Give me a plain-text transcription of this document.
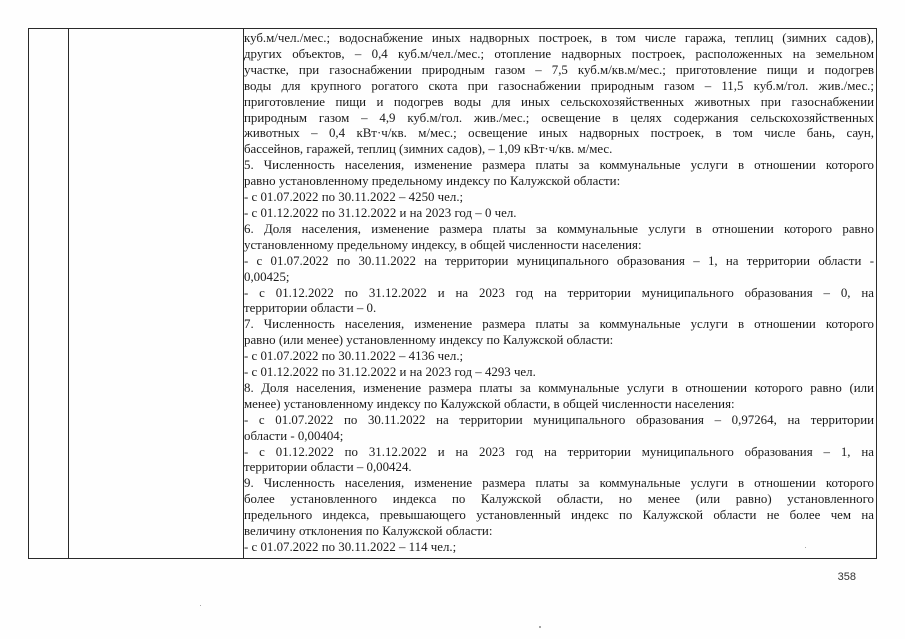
куб.м/чел./мес.; водоснабжение иных надворных построек, в том числе гаража, теплиц (зимних садов),
других объектов, – 0,4 куб.м/чел./мес.; отопление надворных построек, расположенных на земельном
участке, при газоснабжении природным газом – 7,5 куб.м/кв.м/мес.; приготовление пищи и подогрев
воды для крупного рогатого скота при газоснабжении природным газом – 11,5 куб.м/гол. жив./мес.;
приготовление пищи и подогрев воды для иных сельскохозяйственных животных при газоснабжении
природным газом – 4,9 куб.м/гол. жив./мес.; освещение в целях содержания сельскохозяйственных
животных – 0,4 кВт·ч/кв. м/мес.; освещение иных надворных построек, в том числе бань, саун,
бассейнов, гаражей, теплиц (зимних садов), – 1,09 кВт·ч/кв. м/мес.
5. Численность населения, изменение размера платы за коммунальные услуги в отношении которого
равно установленному предельному индексу по Калужской области:
- с 01.07.2022 по 30.11.2022 – 4250 чел.;
- с 01.12.2022 по 31.12.2022 и на 2023 год – 0 чел.
6. Доля населения, изменение размера платы за коммунальные услуги в отношении которого равно
установленному предельному индексу, в общей численности населения:
- с 01.07.2022 по 30.11.2022 на территории муниципального образования – 1, на территории области -
0,00425;
- с 01.12.2022 по 31.12.2022 и на 2023 год на территории муниципального образования – 0, на
территории области – 0.
7. Численность населения, изменение размера платы за коммунальные услуги в отношении которого
равно (или менее) установленному индексу по Калужской области:
- с 01.07.2022 по 30.11.2022 – 4136 чел.;
- с 01.12.2022 по 31.12.2022 и на 2023 год – 4293 чел.
8. Доля населения, изменение размера платы за коммунальные услуги в отношении которого равно (или
менее) установленному индексу по Калужской области, в общей численности населения:
- с 01.07.2022 по 30.11.2022 на территории муниципального образования – 0,97264, на территории
области - 0,00404;
- с 01.12.2022 по 31.12.2022 и на 2023 год на территории муниципального образования – 1, на
территории области – 0,00424.
9. Численность населения, изменение размера платы за коммунальные услуги в отношении которого
более установленного индекса по Калужской области, но менее (или равно) установленного
предельного индекса, превышающего установленный индекс по Калужской области не более чем на
величину отклонения по Калужской области:
- с 01.07.2022 по 30.11.2022 – 114 чел.;
358
